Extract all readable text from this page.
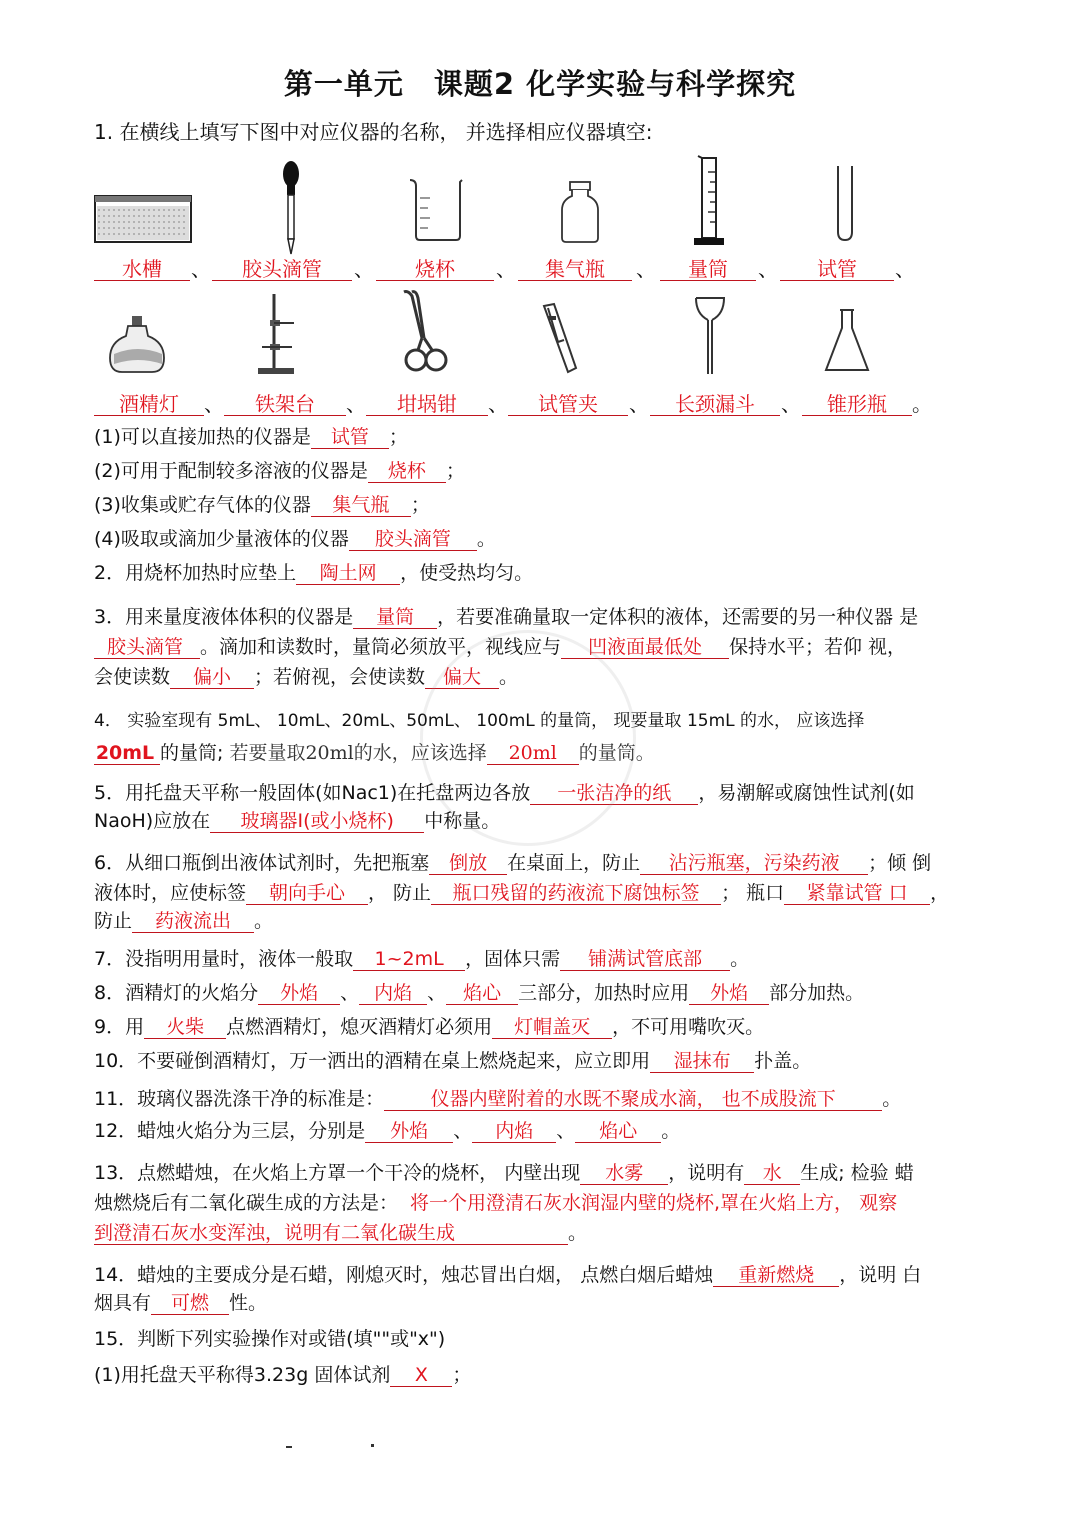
第一单元　课题2 化学实验与科学探究
1. 在横线上填写下图中对应仪器的名称， 并选择相应仪器填空:
水槽 、 胶头滴管 、 烧杯 、 集气瓶 、 量筒 、 试管 、
酒精灯 、 铁架台 、 坩埚钳 、 试管夹 、 长颈漏斗 、 锥形瓶 。
(1)可以直接加热的仪器是 试管 ；
(2)可用于配制较多溶液的仪器是 烧杯 ；
(3)收集或贮存气体的仪器 集气瓶 ；
(4)吸取或滴加少量液体的仪器 胶头滴管 。
2．用烧杯加热时应垫上 陶土网 ，使受热均匀。
3．用来量度液体体积的仪器是 量筒 ，若要准确量取一定体积的液体，还需要的另一种仪器 是
胶头滴管 。滴加和读数时，量筒必须放平，视线应与 凹液面最低处 保持水平；若仰 视，
会使读数 偏小 ；若俯视，会使读数 偏大 。
4． 实验室现有 5mL、 10mL、20mL、50mL、 100mL 的量筒， 现要量取 15mL 的水， 应该选择
20mL 的量筒; 若要量取20ml的水，应该选择 20ml 的量筒。
5．用托盘天平称一般固体(如Nac1)在托盘两边各放 一张洁净的纸 ，易潮解或腐蚀性试剂(如
NaoH)应放在 玻璃器I(或小烧杯) 中称量。
6．从细口瓶倒出液体试剂时，先把瓶塞 倒放 在桌面上，防止 沾污瓶塞，污染药液 ；倾 倒
液体时，应使标签 朝向手心 ， 防止 瓶口残留的药液流下腐蚀标签 ； 瓶口 紧靠试管 口 ，
防止 药液流出 。
7．没指明用量时，液体一般取 1~2mL ，固体只需 铺满试管底部 。
8．酒精灯的火焰分 外焰 、 内焰 、 焰心 三部分，加热时应用 外焰 部分加热。
9．用 火柴 点燃酒精灯，熄灭酒精灯必须用 灯帽盖灭 ，不可用嘴吹灭。
10．不要碰倒酒精灯，万一洒出的酒精在桌上燃烧起来，应立即用 湿抹布 扑盖。
11．玻璃仪器洗涤干净的标准是： 仪器内壁附着的水既不聚成水滴， 也不成股流下 。
12．蜡烛火焰分为三层，分别是 外焰 、 内焰 、 焰心 。
13．点燃蜡烛，在火焰上方罩一个干冷的烧杯， 内壁出现 水雾 ，说明有 水 生成; 检验 蜡
烛燃烧后有二氧化碳生成的方法是： 将一个用澄清石灰水润湿内壁的烧杯,罩在火焰上方， 观察
到澄清石灰水变浑浊，说明有二氧化碳生成	。
14．蜡烛的主要成分是石蜡，刚熄灭时，烛芯冒出白烟， 点燃白烟后蜡烛 重新燃烧 ，说明 白
烟具有 可燃 性。
15．判断下列实验操作对或错(填""或"x")
(1)用托盘天平称得3.23g 固体试剂 X ；
